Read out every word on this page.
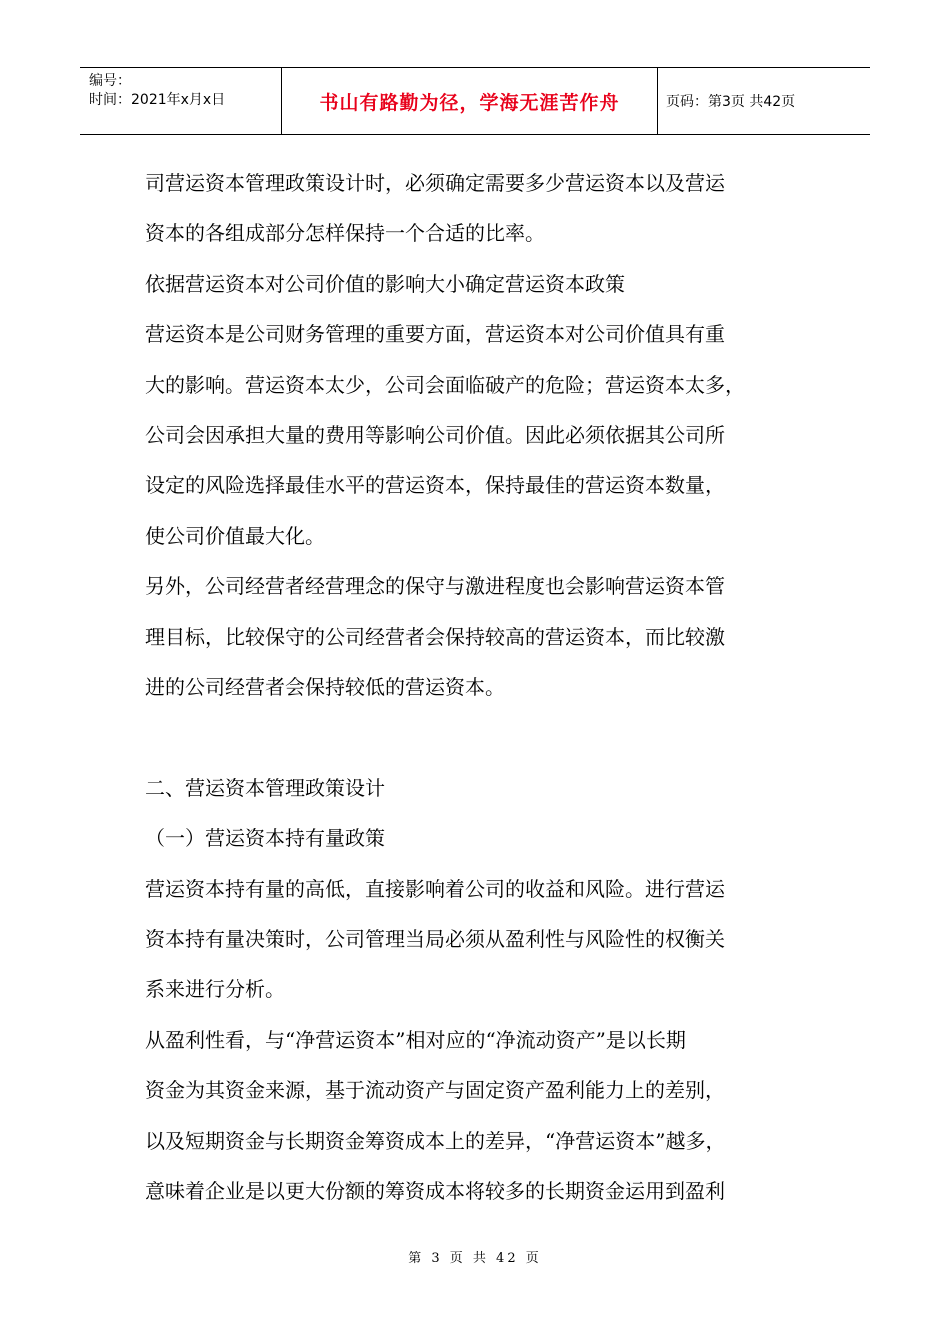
编号：
时间：2021年x月x日	书山有路勤为径，学海无涯苦作舟	页码：第3页 共42页

司营运资本管理政策设计时，必须确定需要多少营运资本以及营运

资本的各组成部分怎样保持一个合适的比率。

依据营运资本对公司价值的影响大小确定营运资本政策

营运资本是公司财务管理的重要方面，营运资本对公司价值具有重

大的影响。营运资本太少，公司会面临破产的危险；营运资本太多，

公司会因承担大量的费用等影响公司价值。因此必须依据其公司所

设定的风险选择最佳水平的营运资本，保持最佳的营运资本数量，

使公司价值最大化。

另外，公司经营者经营理念的保守与激进程度也会影响营运资本管

理目标，比较保守的公司经营者会保持较高的营运资本，而比较激

进的公司经营者会保持较低的营运资本。

二、营运资本管理政策设计

（一）营运资本持有量政策

营运资本持有量的高低，直接影响着公司的收益和风险。进行营运

资本持有量决策时，公司管理当局必须从盈利性与风险性的权衡关

系来进行分析。

从盈利性看，与“净营运资本”相对应的“净流动资产”是以长期

资金为其资金来源，基于流动资产与固定资产盈利能力上的差别，

以及短期资金与长期资金筹资成本上的差异，“净营运资本”越多，

意味着企业是以更大份额的筹资成本将较多的长期资金运用到盈利

第 3 页 共 42 页
